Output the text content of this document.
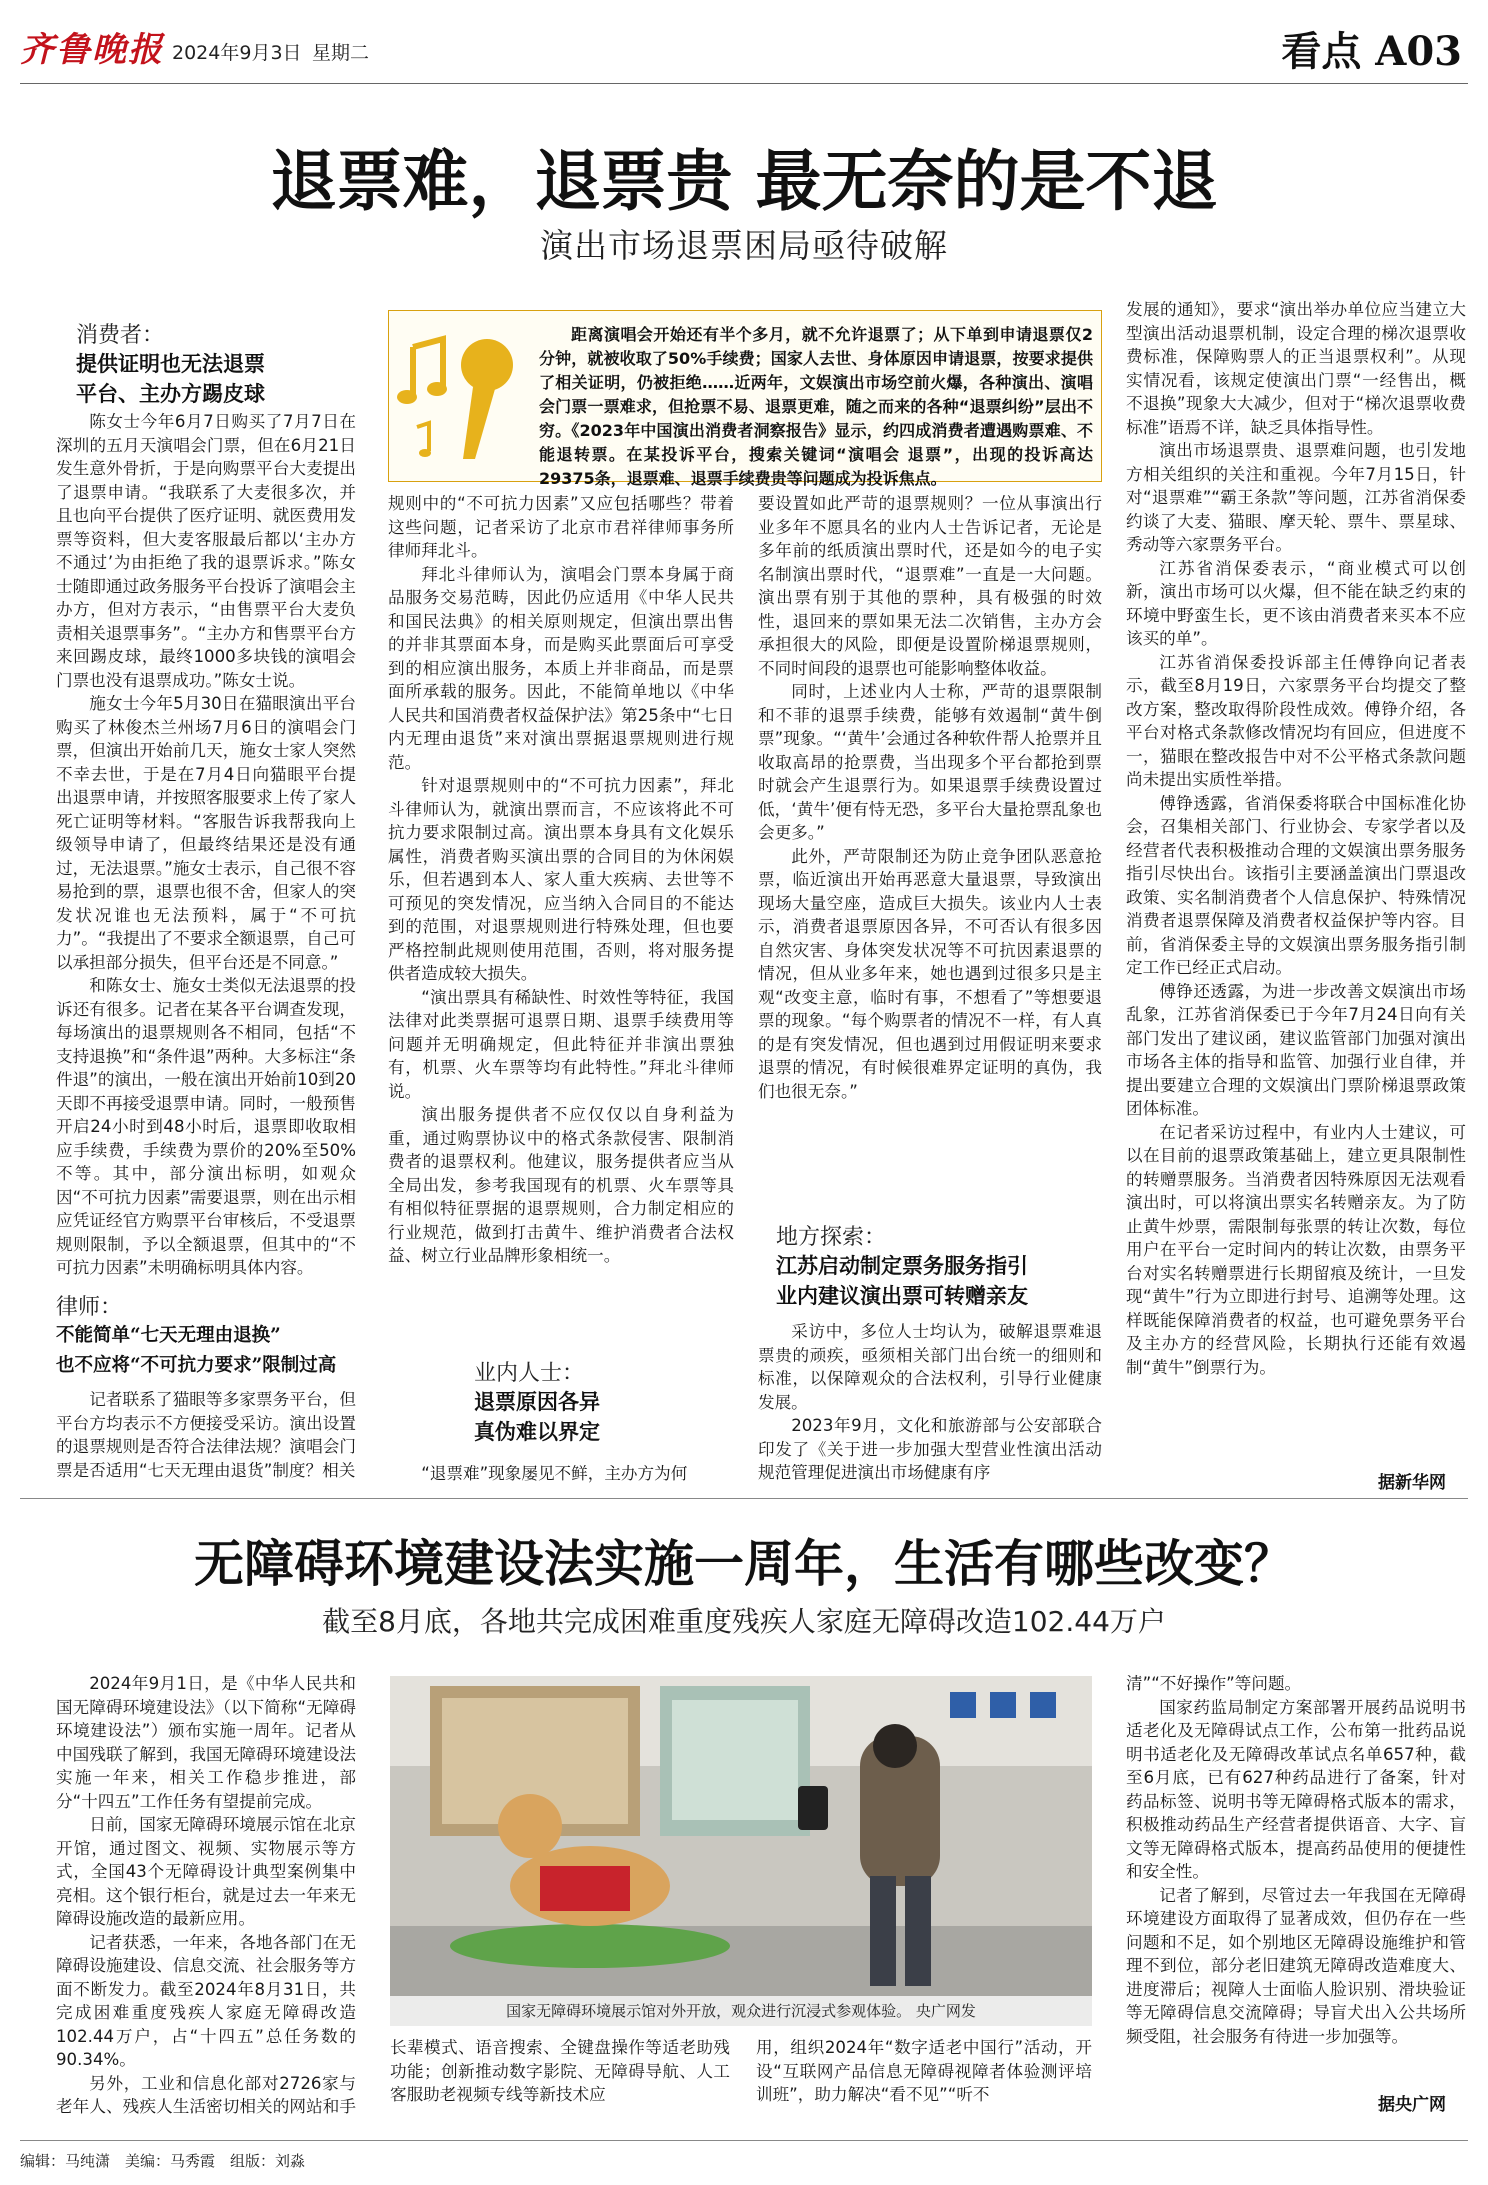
齐鲁晚报 2024年9月3日 星期二	看点 A03
退票难，退票贵 最无奈的是不退
演出市场退票困局亟待破解

距离演唱会开始还有半个多月，就不允许退票了；从下单到申请退票仅2分钟，就被收取了50%手续费；国家人去世、身体原因申请退票，按要求提供了相关证明，仍被拒绝……近两年，文娱演出市场空前火爆，各种演出、演唱会门票一票难求，但抢票不易、退票更难，随之而来的各种“退票纠纷”层出不穷。《2023年中国演出消费者洞察报告》显示，约四成消费者遭遇购票难、不能退转票。在某投诉平台，搜索关键词“演唱会 退票”，出现的投诉高达29375条，退票难、退票手续费贵等问题成为投诉焦点。

消费者：
提供证明也无法退票
平台、主办方踢皮球

陈女士今年6月7日购买了7月7日在深圳的五月天演唱会门票，但在6月21日发生意外骨折，于是向购票平台大麦提出了退票申请。“我联系了大麦很多次，并且也向平台提供了医疗证明、就医费用发票等资料，但大麦客服最后都以‘主办方不通过’为由拒绝了我的退票诉求。”陈女士随即通过政务服务平台投诉了演唱会主办方，但对方表示，“由售票平台大麦负责相关退票事务”。“主办方和售票平台方来回踢皮球，最终1000多块钱的演唱会门票也没有退票成功。”陈女士说。

施女士今年5月30日在猫眼演出平台购买了林俊杰兰州场7月6日的演唱会门票，但演出开始前几天，施女士家人突然不幸去世，于是在7月4日向猫眼平台提出退票申请，并按照客服要求上传了家人死亡证明等材料。“客服告诉我帮我向上级领导申请了，但最终结果还是没有通过，无法退票。”施女士表示，自己很不容易抢到的票，退票也很不舍，但家人的突发状况谁也无法预料，属于“不可抗力”。“我提出了不要求全额退票，自己可以承担部分损失，但平台还是不同意。”

和陈女士、施女士类似无法退票的投诉还有很多。记者在某各平台调查发现，每场演出的退票规则各不相同，包括“不支持退换”和“条件退”两种。大多标注“条件退”的演出，一般在演出开始前10到20天即不再接受退票申请。同时，一般预售开启24小时到48小时后，退票即收取相应手续费，手续费为票价的20%至50%不等。其中，部分演出标明，如观众因“不可抗力因素”需要退票，则在出示相应凭证经官方购票平台审核后，不受退票规则限制，予以全额退票，但其中的“不可抗力因素”未明确标明具体内容。

律师：
不能简单“七天无理由退换”
也不应将“不可抗力要求”限制过高

记者联系了猫眼等多家票务平台，但平台方均表示不方便接受采访。演出设置的退票规则是否符合法律法规？演唱会门票是否适用“七天无理由退货”制度？相关

规则中的“不可抗力因素”又应包括哪些？带着这些问题，记者采访了北京市君祥律师事务所律师拜北斗。

拜北斗律师认为，演唱会门票本身属于商品服务交易范畴，因此仍应适用《中华人民共和国民法典》的相关原则规定，但演出票出售的并非其票面本身，而是购买此票面后可享受到的相应演出服务，本质上并非商品，而是票面所承载的服务。因此，不能简单地以《中华人民共和国消费者权益保护法》第25条中“七日内无理由退货”来对演出票据退票规则进行规范。

针对退票规则中的“不可抗力因素”，拜北斗律师认为，就演出票而言，不应该将此不可抗力要求限制过高。演出票本身具有文化娱乐属性，消费者购买演出票的合同目的为休闲娱乐，但若遇到本人、家人重大疾病、去世等不可预见的突发情况，应当纳入合同目的不能达到的范围，对退票规则进行特殊处理，但也要严格控制此规则使用范围，否则，将对服务提供者造成较大损失。

“演出票具有稀缺性、时效性等特征，我国法律对此类票据可退票日期、退票手续费用等问题并无明确规定，但此特征并非演出票独有，机票、火车票等均有此特性。”拜北斗律师说。

演出服务提供者不应仅仅以自身利益为重，通过购票协议中的格式条款侵害、限制消费者的退票权利。他建议，服务提供者应当从全局出发，参考我国现有的机票、火车票等具有相似特征票据的退票规则，合力制定相应的行业规范，做到打击黄牛、维护消费者合法权益、树立行业品牌形象相统一。

业内人士：
退票原因各异
真伪难以界定

“退票难”现象屡见不鲜，主办方为何

要设置如此严苛的退票规则？一位从事演出行业多年不愿具名的业内人士告诉记者，无论是多年前的纸质演出票时代，还是如今的电子实名制演出票时代，“退票难”一直是一大问题。演出票有别于其他的票种，具有极强的时效性，退回来的票如果无法二次销售，主办方会承担很大的风险，即便是设置阶梯退票规则，不同时间段的退票也可能影响整体收益。

同时，上述业内人士称，严苛的退票限制和不菲的退票手续费，能够有效遏制“黄牛倒票”现象。“‘黄牛’会通过各种软件帮人抢票并且收取高昂的抢票费，当出现多个平台都抢到票时就会产生退票行为。如果退票手续费设置过低，‘黄牛’便有恃无恐，多平台大量抢票乱象也会更多。”

此外，严苛限制还为防止竞争团队恶意抢票，临近演出开始再恶意大量退票，导致演出现场大量空座，造成巨大损失。该业内人士表示，消费者退票原因各异，不可否认有很多因自然灾害、身体突发状况等不可抗因素退票的情况，但从业多年来，她也遇到过很多只是主观“改变主意，临时有事，不想看了”等想要退票的现象。“每个购票者的情况不一样，有人真的是有突发情况，但也遇到过用假证明来要求退票的情况，有时候很难界定证明的真伪，我们也很无奈。”

地方探索：
江苏启动制定票务服务指引
业内建议演出票可转赠亲友

采访中，多位人士均认为，破解退票难退票贵的顽疾，亟须相关部门出台统一的细则和标准，以保障观众的合法权利，引导行业健康发展。

2023年9月，文化和旅游部与公安部联合印发了《关于进一步加强大型营业性演出活动规范管理促进演出市场健康有序

发展的通知》，要求“演出举办单位应当建立大型演出活动退票机制，设定合理的梯次退票收费标准，保障购票人的正当退票权利”。从现实情况看，该规定使演出门票“一经售出，概不退换”现象大大减少，但对于“梯次退票收费标准”语焉不详，缺乏具体指导性。

演出市场退票贵、退票难问题，也引发地方相关组织的关注和重视。今年7月15日，针对“退票难”“霸王条款”等问题，江苏省消保委约谈了大麦、猫眼、摩天轮、票牛、票星球、秀动等六家票务平台。

江苏省消保委表示，“商业模式可以创新，演出市场可以火爆，但不能在缺乏约束的环境中野蛮生长，更不该由消费者来买本不应该买的单”。

江苏省消保委投诉部主任傅铮向记者表示，截至8月19日，六家票务平台均提交了整改方案，整改取得阶段性成效。傅铮介绍，各平台对格式条款修改情况均有回应，但进度不一，猫眼在整改报告中对不公平格式条款问题尚未提出实质性举措。

傅铮透露，省消保委将联合中国标准化协会，召集相关部门、行业协会、专家学者以及经营者代表积极推动合理的文娱演出票务服务指引尽快出台。该指引主要涵盖演出门票退改政策、实名制消费者个人信息保护、特殊情况消费者退票保障及消费者权益保护等内容。目前，省消保委主导的文娱演出票务服务指引制定工作已经正式启动。

傅铮还透露，为进一步改善文娱演出市场乱象，江苏省消保委已于今年7月24日向有关部门发出了建议函，建议监管部门加强对演出市场各主体的指导和监管、加强行业自律，并提出要建立合理的文娱演出门票阶梯退票政策团体标准。

在记者采访过程中，有业内人士建议，可以在目前的退票政策基础上，建立更具限制性的转赠票服务。当消费者因特殊原因无法观看演出时，可以将演出票实名转赠亲友。为了防止黄牛炒票，需限制每张票的转让次数，每位用户在平台一定时间内的转让次数，由票务平台对实名转赠票进行长期留痕及统计，一旦发现“黄牛”行为立即进行封号、追溯等处理。这样既能保障消费者的权益，也可避免票务平台及主办方的经营风险，长期执行还能有效遏制“黄牛”倒票行为。

据新华网
无障碍环境建设法实施一周年，生活有哪些改变？
截至8月底，各地共完成困难重度残疾人家庭无障碍改造102.44万户

2024年9月1日，是《中华人民共和国无障碍环境建设法》（以下简称“无障碍环境建设法”）颁布实施一周年。记者从中国残联了解到，我国无障碍环境建设法实施一年来，相关工作稳步推进，部分“十四五”工作任务有望提前完成。

日前，国家无障碍环境展示馆在北京开馆，通过图文、视频、实物展示等方式，全国43个无障碍设计典型案例集中亮相。这个银行柜台，就是过去一年来无障碍设施改造的最新应用。

记者获悉，一年来，各地各部门在无障碍设施建设、信息交流、社会服务等方面不断发力。截至2024年8月31日，共完成困难重度残疾人家庭无障碍改造102.44万户，占“十四五”总任务数的90.34%。

另外，工业和信息化部对2726家与老年人、残疾人生活密切相关的网站和手

国家无障碍环境展示馆对外开放，观众进行沉浸式参观体验。 央广网发

长辈模式、语音搜索、全键盘操作等适老助残功能；创新推动数字影院、无障碍导航、人工客服助老视频专线等新技术应

用，组织2024年“数字适老中国行”活动，开设“互联网产品信息无障碍视障者体验测评培训班”，助力解决“看不见”“听不

清”“不好操作”等问题。

国家药监局制定方案部署开展药品说明书适老化及无障碍试点工作，公布第一批药品说明书适老化及无障碍改革试点名单657种，截至6月底，已有627种药品进行了备案，针对药品标签、说明书等无障碍格式版本的需求，积极推动药品生产经营者提供语音、大字、盲文等无障碍格式版本，提高药品使用的便捷性和安全性。

记者了解到，尽管过去一年我国在无障碍环境建设方面取得了显著成效，但仍存在一些问题和不足，如个别地区无障碍设施维护和管理不到位，部分老旧建筑无障碍改造难度大、进度滞后；视障人士面临人脸识别、滑块验证等无障碍信息交流障碍；导盲犬出入公共场所频受阻，社会服务有待进一步加强等。

据央广网
编辑：马纯潇　美编：马秀霞　组版：刘淼
